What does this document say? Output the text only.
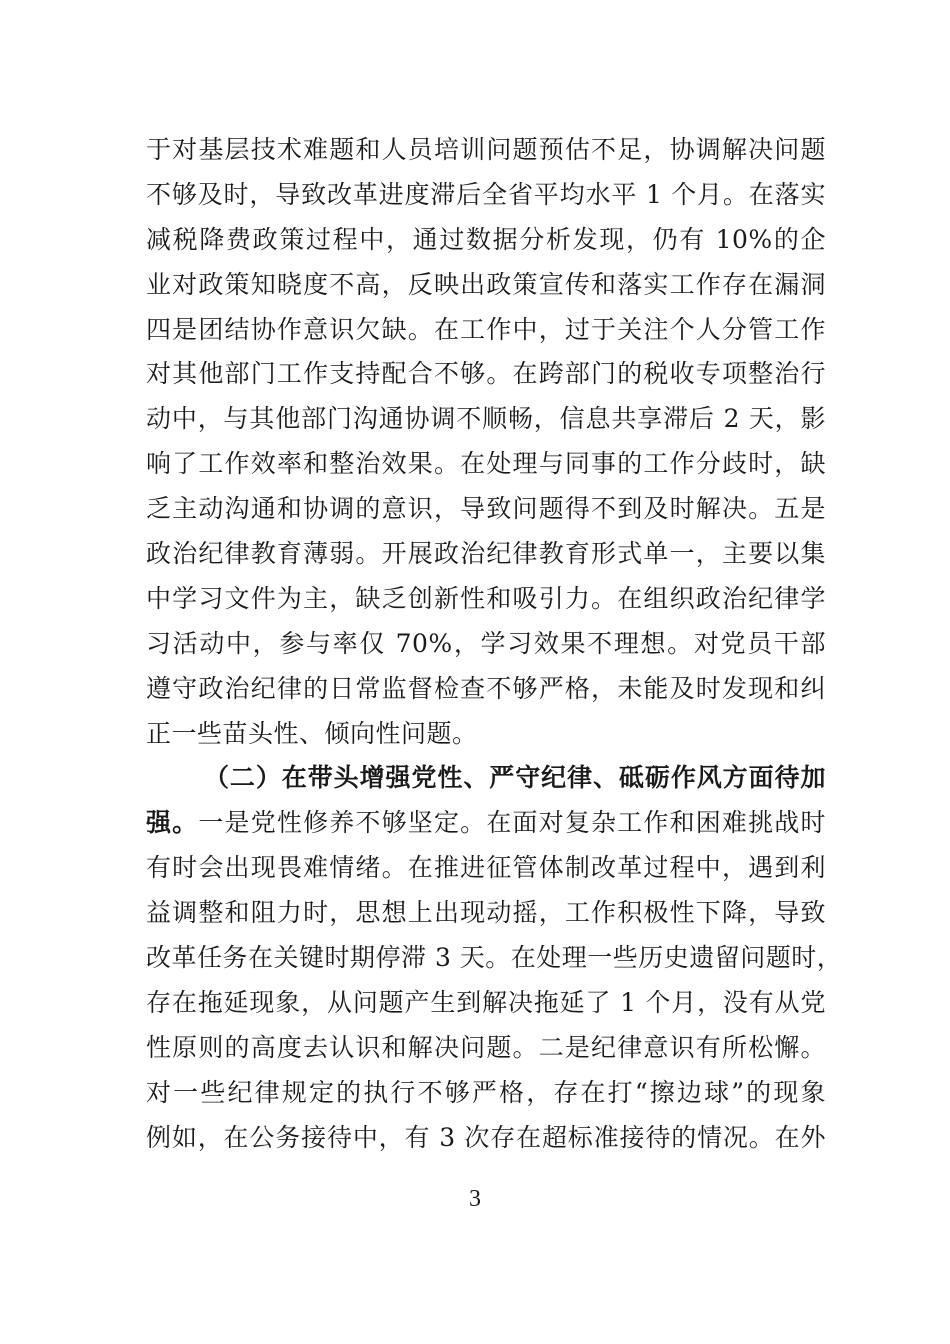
于对基层技术难题和人员培训问题预估不足，协调解决问题
不够及时，导致改革进度滞后全省平均水平 1 个月。在落实
减税降费政策过程中，通过数据分析发现，仍有 10%的企
业对政策知晓度不高，反映出政策宣传和落实工作存在漏洞
四是团结协作意识欠缺。在工作中，过于关注个人分管工作
对其他部门工作支持配合不够。在跨部门的税收专项整治行
动中，与其他部门沟通协调不顺畅，信息共享滞后 2 天，影
响了工作效率和整治效果。在处理与同事的工作分歧时，缺
乏主动沟通和协调的意识，导致问题得不到及时解决。五是
政治纪律教育薄弱。开展政治纪律教育形式单一，主要以集
中学习文件为主，缺乏创新性和吸引力。在组织政治纪律学
习活动中，参与率仅 70%，学习效果不理想。对党员干部
遵守政治纪律的日常监督检查不够严格，未能及时发现和纠
正一些苗头性、倾向性问题。
（二）在带头增强党性、严守纪律、砥砺作风方面待加
强。一是党性修养不够坚定。在面对复杂工作和困难挑战时
有时会出现畏难情绪。在推进征管体制改革过程中，遇到利
益调整和阻力时，思想上出现动摇，工作积极性下降，导致
改革任务在关键时期停滞 3 天。在处理一些历史遗留问题时，
存在拖延现象，从问题产生到解决拖延了 1 个月，没有从党
性原则的高度去认识和解决问题。二是纪律意识有所松懈。
对一些纪律规定的执行不够严格，存在打“擦边球”的现象
例如，在公务接待中，有 3 次存在超标准接待的情况。在外
3
